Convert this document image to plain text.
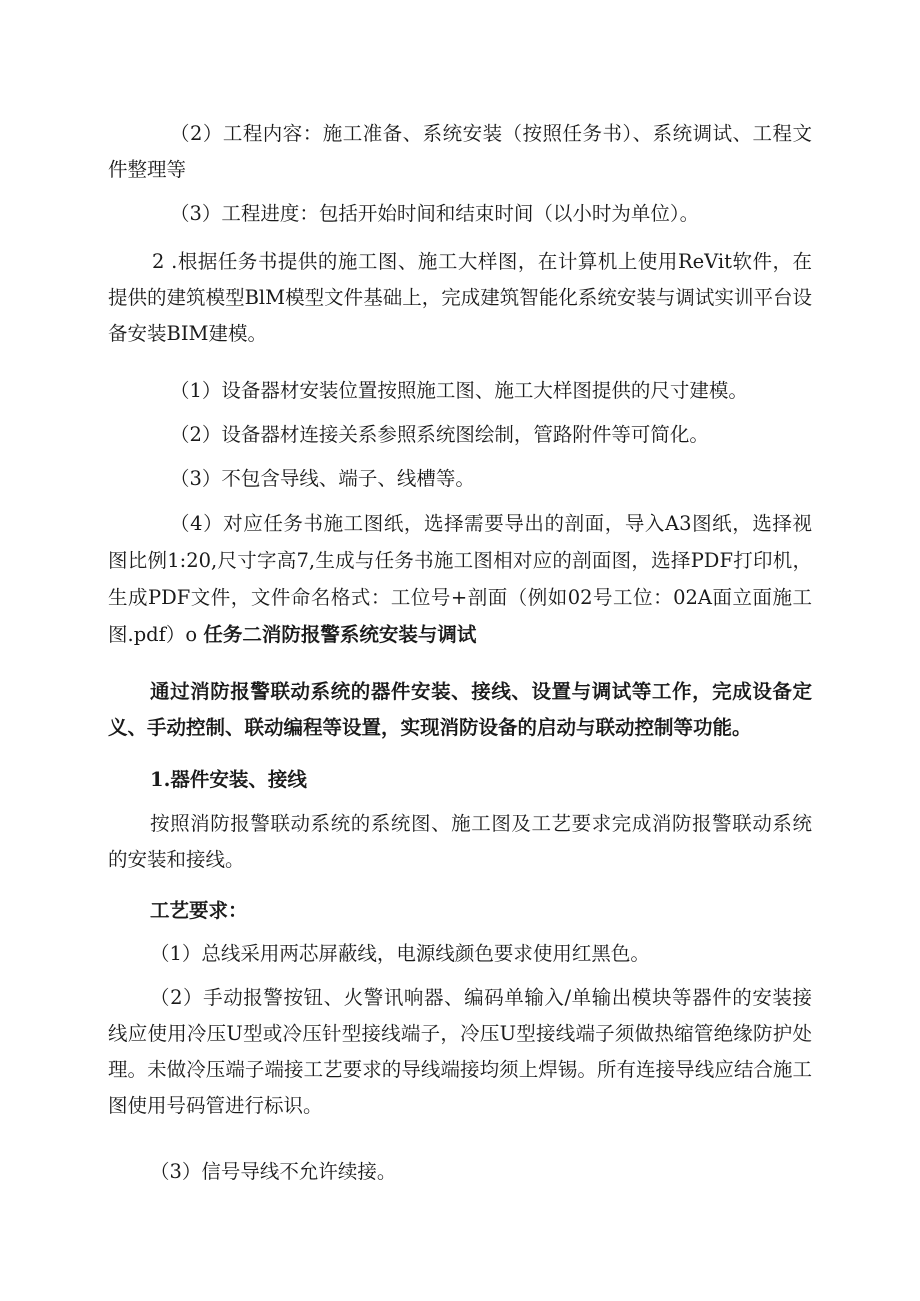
（2）工程内容：施工准备、系统安装（按照任务书）、系统调试、工程文件整理等
（3）工程进度：包括开始时间和结束时间（以小时为单位）。
2 .根据任务书提供的施工图、施工大样图，在计算机上使用ReVit软件，在提供的建筑模型BlM模型文件基础上，完成建筑智能化系统安装与调试实训平台设备安装BIM建模。
（1）设备器材安装位置按照施工图、施工大样图提供的尺寸建模。
（2）设备器材连接关系参照系统图绘制，管路附件等可简化。
（3）不包含导线、端子、线槽等。
（4）对应任务书施工图纸，选择需要导出的剖面，导入A3图纸，选择视图比例1:20,尺寸字高7,生成与任务书施工图相对应的剖面图，选择PDF打印机，生成PDF文件，文件命名格式：工位号+剖面（例如02号工位：02A面立面施工图.pdf）o 任务二消防报警系统安装与调试
通过消防报警联动系统的器件安装、接线、设置与调试等工作，完成设备定义、手动控制、联动编程等设置，实现消防设备的启动与联动控制等功能。
1.器件安装、接线
按照消防报警联动系统的系统图、施工图及工艺要求完成消防报警联动系统的安装和接线。
工艺要求：
（1）总线采用两芯屏蔽线，电源线颜色要求使用红黑色。
（2）手动报警按钮、火警讯响器、编码单输入/单输出模块等器件的安装接线应使用冷压U型或冷压针型接线端子，冷压U型接线端子须做热缩管绝缘防护处理。未做冷压端子端接工艺要求的导线端接均须上焊锡。所有连接导线应结合施工图使用号码管进行标识。
（3）信号导线不允许续接。
